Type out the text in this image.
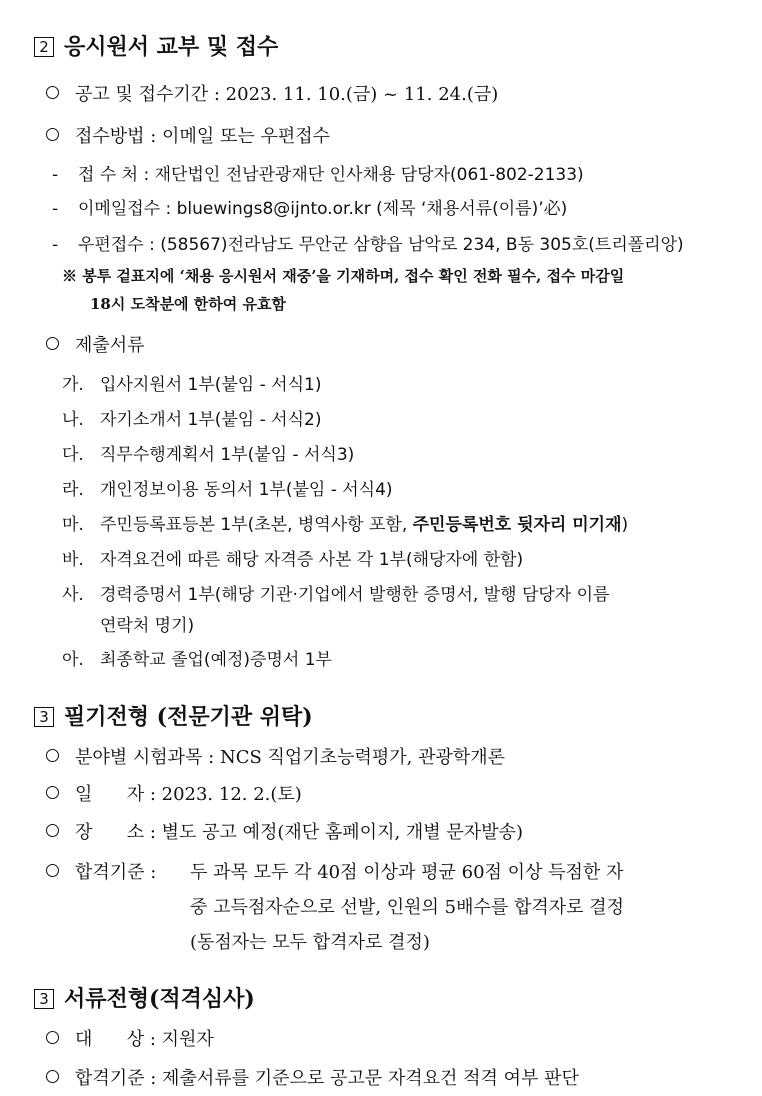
2 응시원서 교부 및 접수
공고 및 접수기간 : 2023. 11. 10.(금) ~ 11. 24.(금)
접수방법 : 이메일 또는 우편접수
- 접 수 처 : 재단법인 전남관광재단 인사채용 담당자(061-802-2133)
- 이메일접수 : bluewings8@ijnto.or.kr (제목 ‘채용서류(이름)’必)
- 우편접수 : (58567)전라남도 무안군 삼향읍 남악로 234, B동 305호(트리폴리앙)
※ 봉투 겉표지에 ‘채용 응시원서 재중’을 기재하며, 접수 확인 전화 필수, 접수 마감일
18시 도착분에 한하여 유효함
제출서류
가. 입사지원서 1부(붙임 - 서식1)
나. 자기소개서 1부(붙임 - 서식2)
다. 직무수행계획서 1부(붙임 - 서식3)
라. 개인정보이용 동의서 1부(붙임 - 서식4)
마. 주민등록표등본 1부(초본, 병역사항 포함, 주민등록번호 뒷자리 미기재)
바. 자격요건에 따른 해당 자격증 사본 각 1부(해당자에 한함)
사. 경력증명서 1부(해당 기관·기업에서 발행한 증명서, 발행 담당자 이름
연락처 명기)
아. 최종학교 졸업(예정)증명서 1부
3 필기전형 (전문기관 위탁)
분야별 시험과목 : NCS 직업기초능력평가, 관광학개론
일      자 : 2023. 12. 2.(토)
장      소 : 별도 공고 예정(재단 홈페이지, 개별 문자발송)
합격기준 : 두 과목 모두 각 40점 이상과 평균 60점 이상 득점한 자
중 고득점자순으로 선발, 인원의 5배수를 합격자로 결정
(동점자는 모두 합격자로 결정)
3 서류전형(적격심사)
대      상 : 지원자
합격기준 : 제출서류를 기준으로 공고문 자격요건 적격 여부 판단
